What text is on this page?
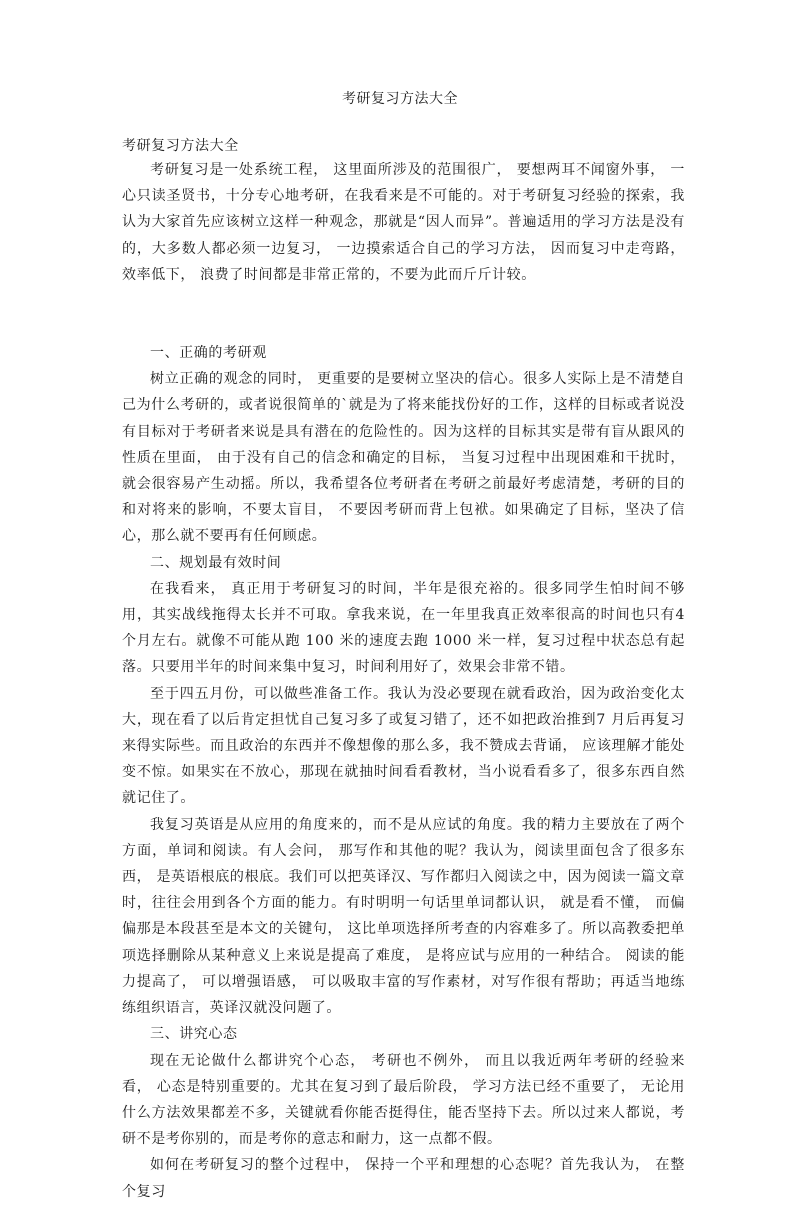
考研复习方法大全

考研复习方法大全

考研复习是一处系统工程， 这里面所涉及的范围很广， 要想两耳不闻窗外事， 一心只读圣贤书，十分专心地考研，在我看来是不可能的。对于考研复习经验的探索，我认为大家首先应该树立这样一种观念，那就是“因人而异”。普遍适用的学习方法是没有的，大多数人都必须一边复习， 一边摸索适合自己的学习方法， 因而复习中走弯路， 效率低下， 浪费了时间都是非常正常的，不要为此而斤斤计较。

一、正确的考研观

树立正确的观念的同时， 更重要的是要树立坚决的信心。很多人实际上是不清楚自己为什么考研的，或者说很简单的`就是为了将来能找份好的工作，这样的目标或者说没有目标对于考研者来说是具有潜在的危险性的。因为这样的目标其实是带有盲从跟风的性质在里面， 由于没有自己的信念和确定的目标， 当复习过程中出现困难和干扰时， 就会很容易产生动摇。所以，我希望各位考研者在考研之前最好考虑清楚，考研的目的和对将来的影响，不要太盲目， 不要因考研而背上包袱。如果确定了目标，坚决了信心，那么就不要再有任何顾虑。

二、规划最有效时间

在我看来， 真正用于考研复习的时间，半年是很充裕的。很多同学生怕时间不够用，其实战线拖得太长并不可取。拿我来说，在一年里我真正效率很高的时间也只有4 个月左右。就像不可能从跑 100 米的速度去跑 1000 米一样，复习过程中状态总有起落。只要用半年的时间来集中复习，时间利用好了，效果会非常不错。

至于四五月份，可以做些准备工作。我认为没必要现在就看政治，因为政治变化太大，现在看了以后肯定担忧自己复习多了或复习错了，还不如把政治推到7 月后再复习来得实际些。而且政治的东西并不像想像的那么多，我不赞成去背诵， 应该理解才能处变不惊。如果实在不放心，那现在就抽时间看看教材，当小说看看多了，很多东西自然就记住了。

我复习英语是从应用的角度来的，而不是从应试的角度。我的精力主要放在了两个方面，单词和阅读。有人会问， 那写作和其他的呢？我认为，阅读里面包含了很多东西， 是英语根底的根底。我们可以把英译汉、写作都归入阅读之中，因为阅读一篇文章时，往往会用到各个方面的能力。有时明明一句话里单词都认识， 就是看不懂， 而偏偏那是本段甚至是本文的关键句， 这比单项选择所考查的内容难多了。所以高教委把单项选择删除从某种意义上来说是提高了难度， 是将应试与应用的一种结合。 阅读的能力提高了， 可以增强语感， 可以吸取丰富的写作素材，对写作很有帮助；再适当地练练组织语言，英译汉就没问题了。

三、讲究心态

现在无论做什么都讲究个心态， 考研也不例外， 而且以我近两年考研的经验来看， 心态是特别重要的。尤其在复习到了最后阶段， 学习方法已经不重要了， 无论用什么方法效果都差不多，关键就看你能否挺得住，能否坚持下去。所以过来人都说，考研不是考你别的，而是考你的意志和耐力，这一点都不假。

如何在考研复习的整个过程中， 保持一个平和理想的心态呢？首先我认为， 在整个复习
